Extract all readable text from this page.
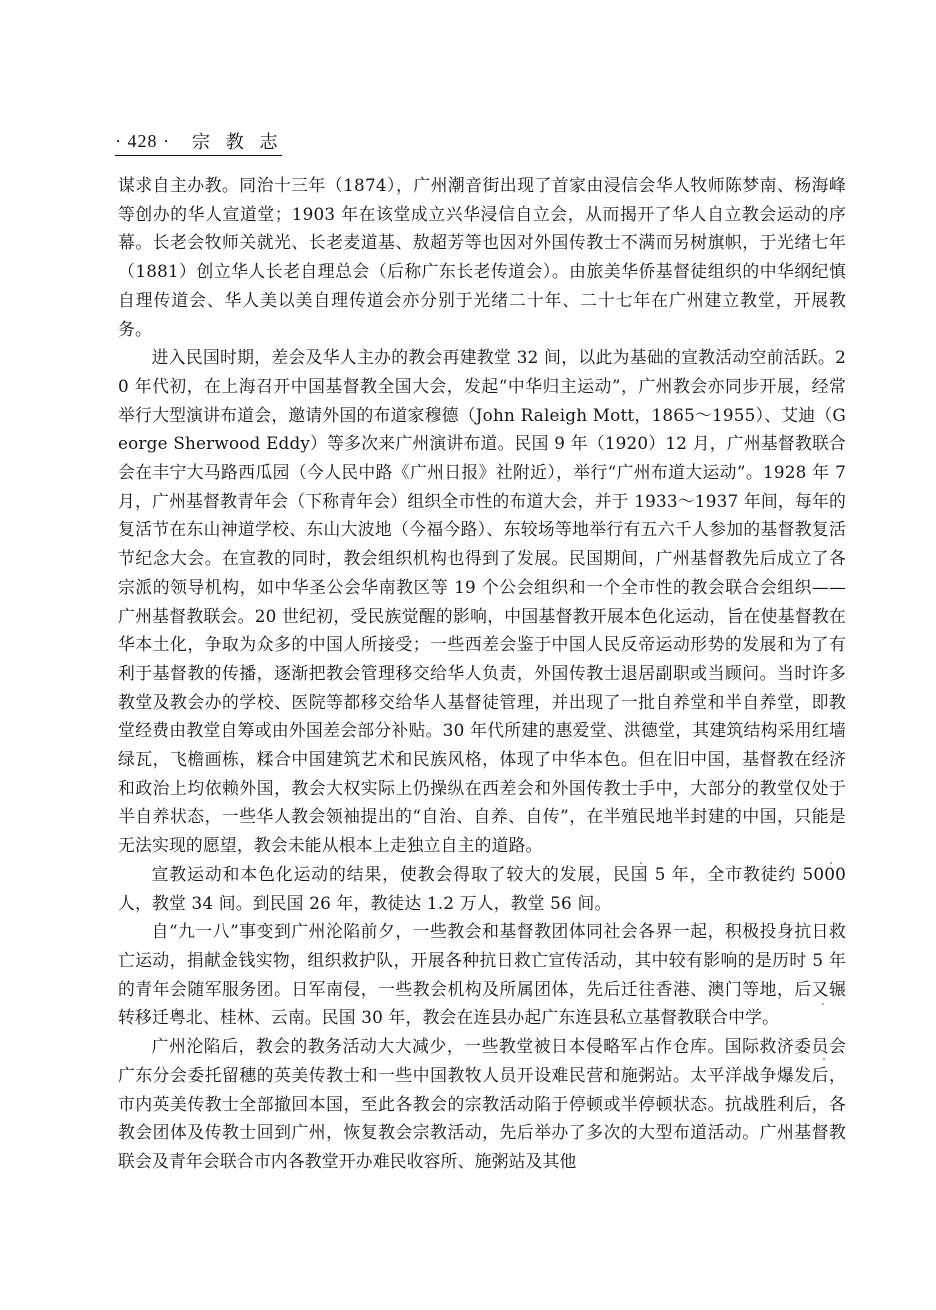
· 428 · 宗 教 志

谋求自主办教。同治十三年（1874），广州潮音街出现了首家由浸信会华人牧师陈梦南、杨海峰等创办的华人宣道堂；1903 年在该堂成立兴华浸信自立会，从而揭开了华人自立教会运动的序幕。长老会牧师关就光、长老麦道基、敖超芳等也因对外国传教士不满而另树旗帜，于光绪七年（1881）创立华人长老自理总会（后称广东长老传道会）。由旅美华侨基督徒组织的中华纲纪慎自理传道会、华人美以美自理传道会亦分别于光绪二十年、二十七年在广州建立教堂，开展教务。

进入民国时期，差会及华人主办的教会再建教堂 32 间，以此为基础的宣教活动空前活跃。20 年代初，在上海召开中国基督教全国大会，发起“中华归主运动”，广州教会亦同步开展，经常举行大型演讲布道会，邀请外国的布道家穆德（John Raleigh Mott，1865～1955）、艾迪（George Sherwood Eddy）等多次来广州演讲布道。民国 9 年（1920）12 月，广州基督教联合会在丰宁大马路西瓜园（今人民中路《广州日报》社附近），举行“广州布道大运动”。1928 年 7 月，广州基督教青年会（下称青年会）组织全市性的布道大会，并于 1933～1937 年间，每年的复活节在东山神道学校、东山大波地（今福今路）、东较场等地举行有五六千人参加的基督教复活节纪念大会。在宣教的同时，教会组织机构也得到了发展。民国期间，广州基督教先后成立了各宗派的领导机构，如中华圣公会华南教区等 19 个公会组织和一个全市性的教会联合会组织——广州基督教联会。20 世纪初，受民族觉醒的影响，中国基督教开展本色化运动，旨在使基督教在华本土化，争取为众多的中国人所接受；一些西差会鉴于中国人民反帝运动形势的发展和为了有利于基督教的传播，逐渐把教会管理移交给华人负责，外国传教士退居副职或当顾问。当时许多教堂及教会办的学校、医院等都移交给华人基督徒管理，并出现了一批自养堂和半自养堂，即教堂经费由教堂自筹或由外国差会部分补贴。30 年代所建的惠爱堂、洪德堂，其建筑结构采用红墙绿瓦，飞檐画栋，糅合中国建筑艺术和民族风格，体现了中华本色。但在旧中国，基督教在经济和政治上均依赖外国，教会大权实际上仍操纵在西差会和外国传教士手中，大部分的教堂仅处于半自养状态，一些华人教会领袖提出的“自治、自养、自传”，在半殖民地半封建的中国，只能是无法实现的愿望，教会未能从根本上走独立自主的道路。

宣教运动和本色化运动的结果，使教会得取了较大的发展，民国 5 年，全市教徒约 5000 人，教堂 34 间。到民国 26 年，教徒达 1.2 万人，教堂 56 间。

自“九一八”事变到广州沦陷前夕，一些教会和基督教团体同社会各界一起，积极投身抗日救亡运动，捐献金钱实物，组织救护队，开展各种抗日救亡宣传活动，其中较有影响的是历时 5 年的青年会随军服务团。日军南侵，一些教会机构及所属团体，先后迁往香港、澳门等地，后又辗转移迁粤北、桂林、云南。民国 30 年，教会在连县办起广东连县私立基督教联合中学。

广州沦陷后，教会的教务活动大大减少，一些教堂被日本侵略军占作仓库。国际救济委员会广东分会委托留穗的英美传教士和一些中国教牧人员开设难民营和施粥站。太平洋战争爆发后，市内英美传教士全部撤回本国，至此各教会的宗教活动陷于停顿或半停顿状态。抗战胜利后，各教会团体及传教士回到广州，恢复教会宗教活动，先后举办了多次的大型布道活动。广州基督教联会及青年会联合市内各教堂开办难民收容所、施粥站及其他
